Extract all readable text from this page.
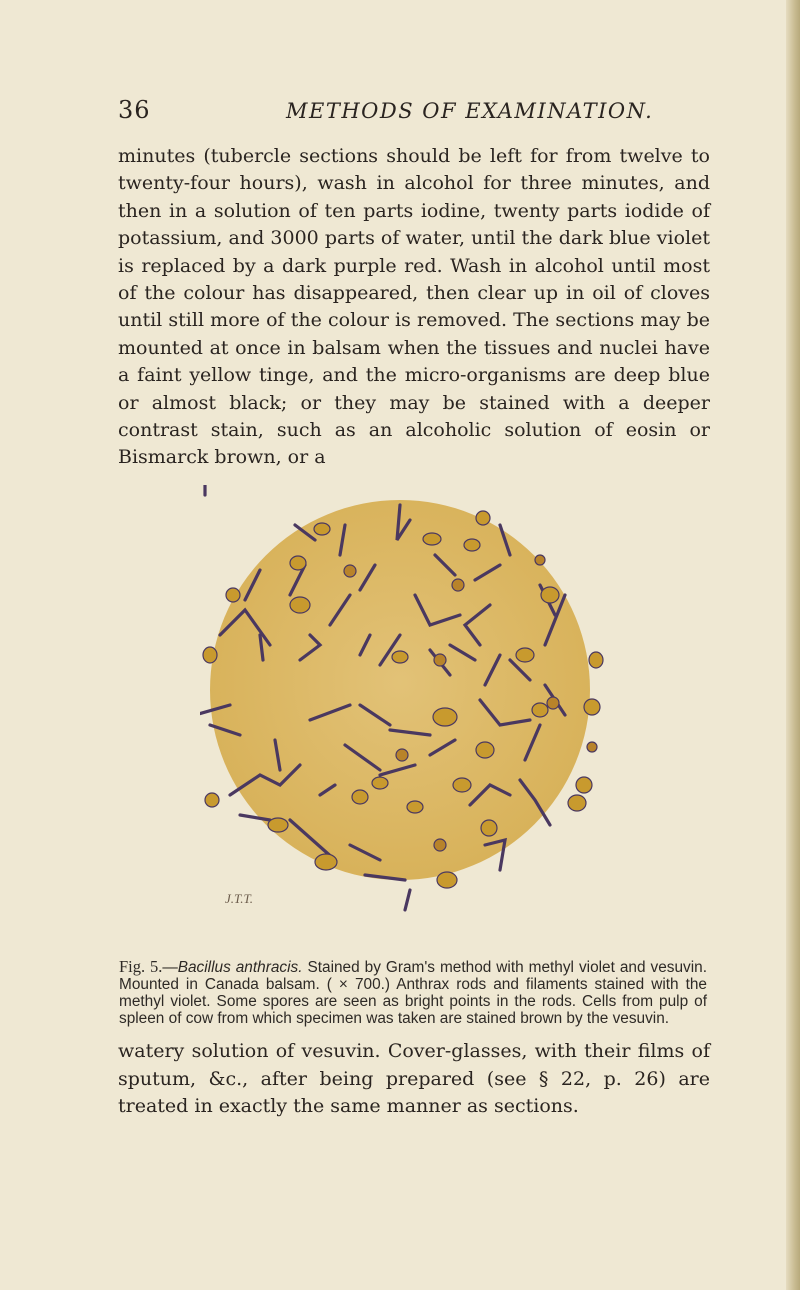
36	METHODS OF EXAMINATION.

minutes (tubercle sections should be left for from twelve to twenty-four hours), wash in alcohol for three minutes, and then in a solution of ten parts iodine, twenty parts iodide of potassium, and 3000 parts of water, until the dark blue violet is replaced by a dark purple red. Wash in alcohol until most of the colour has disappeared, then clear up in oil of cloves until still more of the colour is removed. The sections may be mounted at once in balsam when the tissues and nuclei have a faint yellow tinge, and the micro-organisms are deep blue or almost black; or they may be stained with a deeper contrast stain, such as an alcoholic solution of eosin or Bismarck brown, or a

J.T.T.

Fig. 5.—Bacillus anthracis. Stained by Gram's method with methyl violet and vesuvin. Mounted in Canada balsam. ( × 700.) Anthrax rods and filaments stained with the methyl violet. Some spores are seen as bright points in the rods. Cells from pulp of spleen of cow from which specimen was taken are stained brown by the vesuvin.

watery solution of vesuvin. Cover-glasses, with their films of sputum, &c., after being prepared (see § 22, p. 26) are treated in exactly the same manner as sections.
